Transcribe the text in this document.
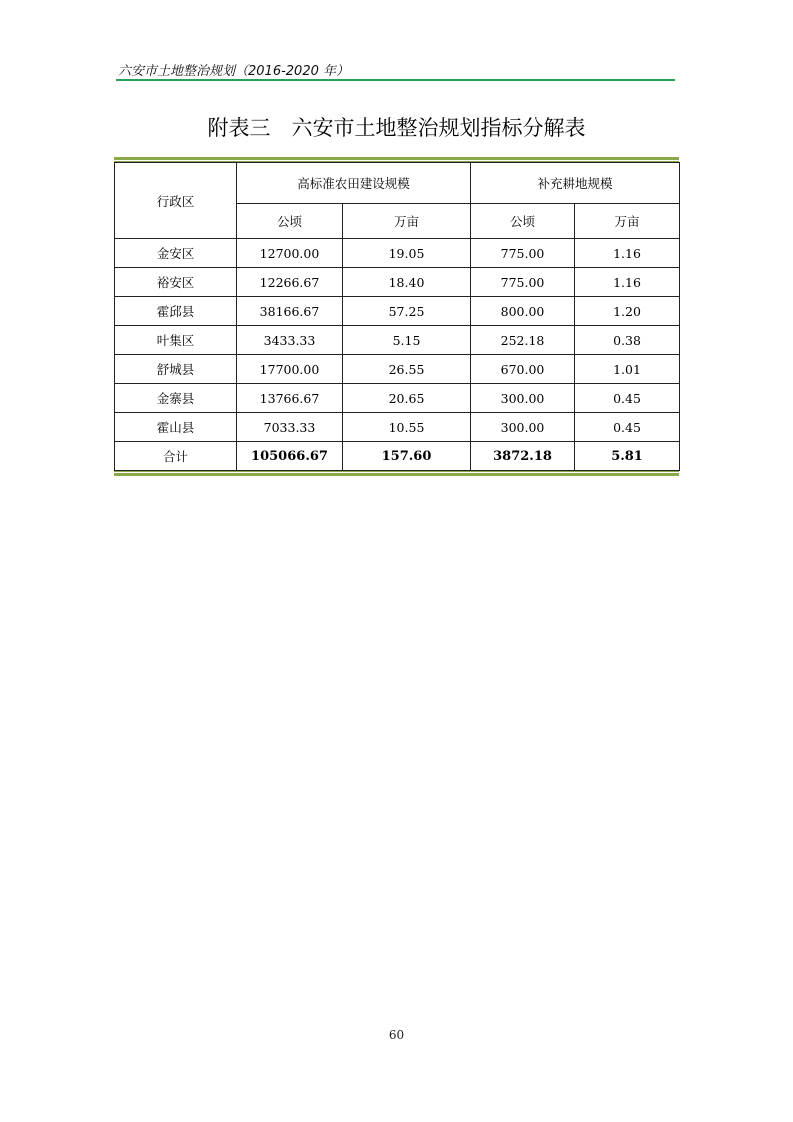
六安市土地整治规划（2016-2020 年）
附表三　六安市土地整治规划指标分解表
行政区	高标准农田建设规模		补充耕地规模	
	公顷	万亩	公顷	万亩
金安区	12700.00	19.05	775.00	1.16
裕安区	12266.67	18.40	775.00	1.16
霍邱县	38166.67	57.25	800.00	1.20
叶集区	3433.33	5.15	252.18	0.38
舒城县	17700.00	26.55	670.00	1.01
金寨县	13766.67	20.65	300.00	0.45
霍山县	7033.33	10.55	300.00	0.45
合计	105066.67	157.60	3872.18	5.81
60
